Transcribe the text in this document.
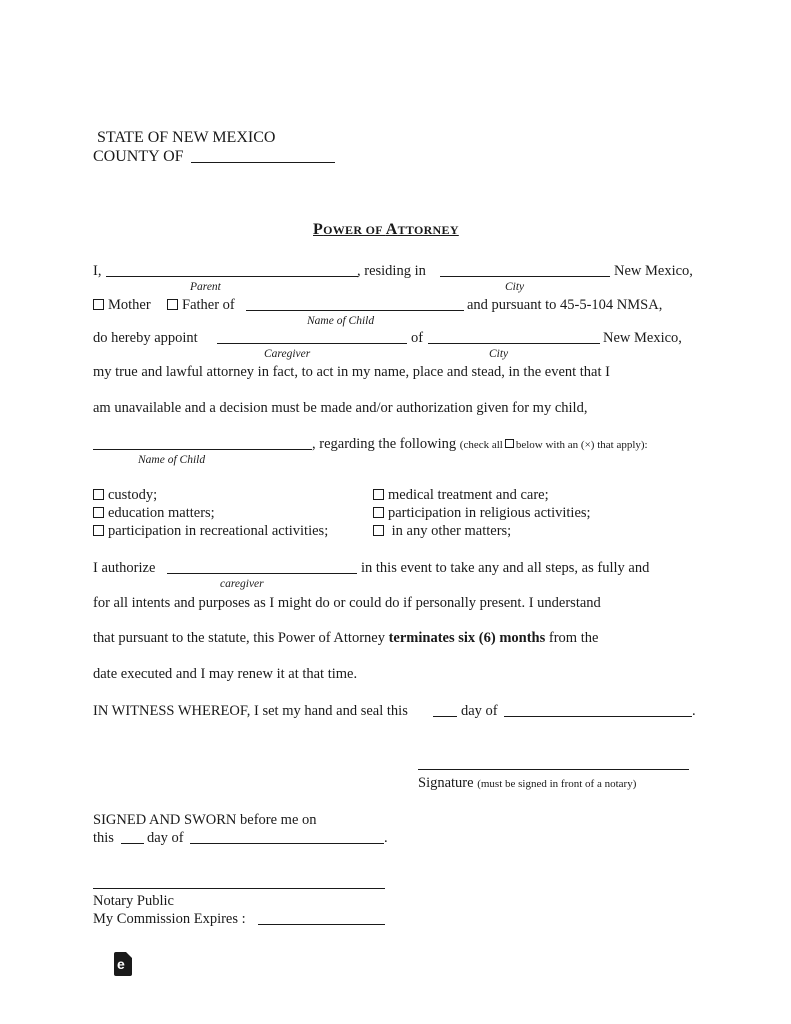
STATE OF NEW MEXICO
COUNTY OF
POWER OF ATTORNEY
I,	, residing in	New Mexico,
Parent	City
Mother	Father of	and pursuant to 45-5-104 NMSA,
Name of Child
do hereby appoint	of	New Mexico,
Caregiver	City
my true and lawful attorney in fact, to act in my name, place and stead, in the event that I
am unavailable and a decision must be made and/or authorization given for my child,
, regarding the following (check all below with an (×) that apply):
Name of Child
custody;	medical treatment and care;
education matters;	participation in religious activities;
participation in recreational activities;	in any other matters;
I authorize	in this event to take any and all steps, as fully and
caregiver
for all intents and purposes as I might do or could do if personally present. I understand
that pursuant to the statute, this Power of Attorney terminates six (6) months from the
date executed and I may renew it at that time.
IN WITNESS WHEREOF, I set my hand and seal this	day of	.
Signature (must be signed in front of a notary)
SIGNED AND SWORN before me on
this day of	.
Notary Public
My Commission Expires :
e
